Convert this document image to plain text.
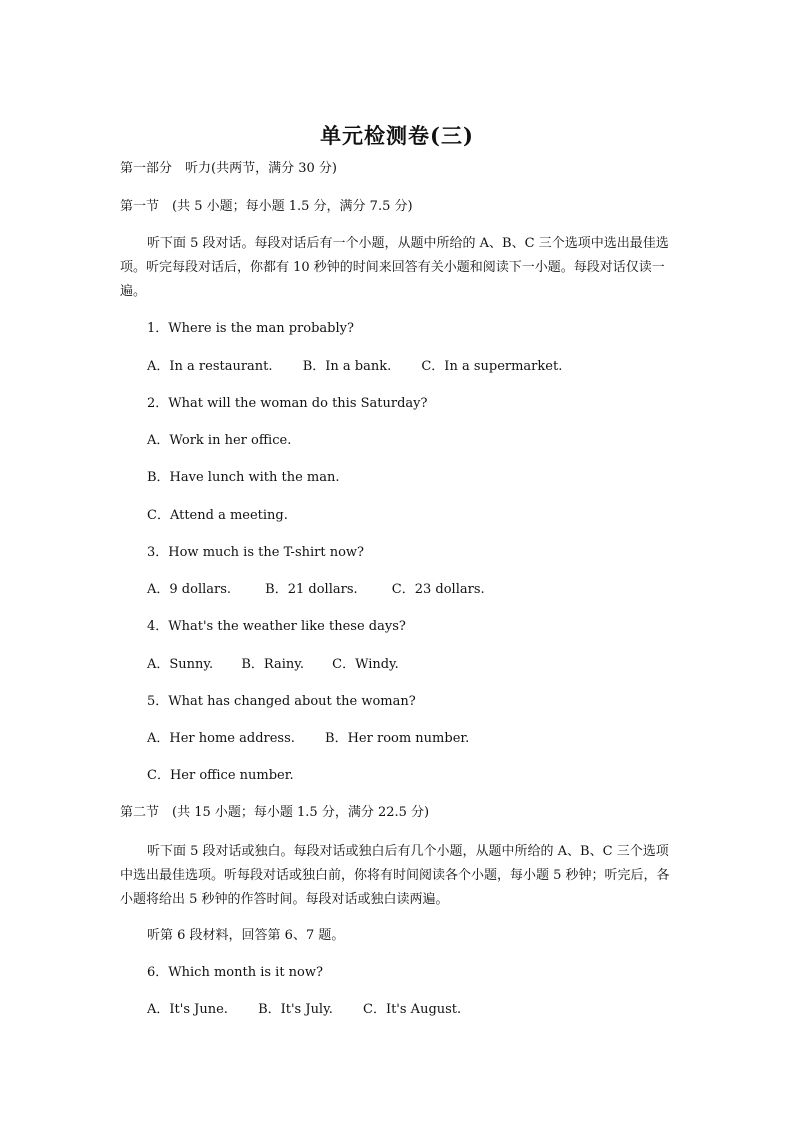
单元检测卷(三)
第一部分　听力(共两节，满分 30 分)
第一节　(共 5 小题；每小题 1.5 分，满分 7.5 分)
听下面 5 段对话。每段对话后有一个小题，从题中所给的 A、B、C 三个选项中选出最佳选项。听完每段对话后，你都有 10 秒钟的时间来回答有关小题和阅读下一小题。每段对话仅读一遍。
1．Where is the man probably?
A．In a restaurant. B．In a bank. C．In a supermarket.
2．What will the woman do this Saturday?
A．Work in her office.
B．Have lunch with the man.
C．Attend a meeting.
3．How much is the T-shirt now?
A．9 dollars.	B．21 dollars.	C．23 dollars.
4．What's the weather like these days?
A．Sunny. B．Rainy. C．Windy.
5．What has changed about the woman?
A．Her home address. B．Her room number.
C．Her office number.
第二节　(共 15 小题；每小题 1.5 分，满分 22.5 分)
听下面 5 段对话或独白。每段对话或独白后有几个小题，从题中所给的 A、B、C 三个选项中选出最佳选项。听每段对话或独白前，你将有时间阅读各个小题，每小题 5 秒钟；听完后，各小题将给出 5 秒钟的作答时间。每段对话或独白读两遍。
听第 6 段材料，回答第 6、7 题。
6．Which month is it now?
A．It's June. B．It's July. C．It's August.
